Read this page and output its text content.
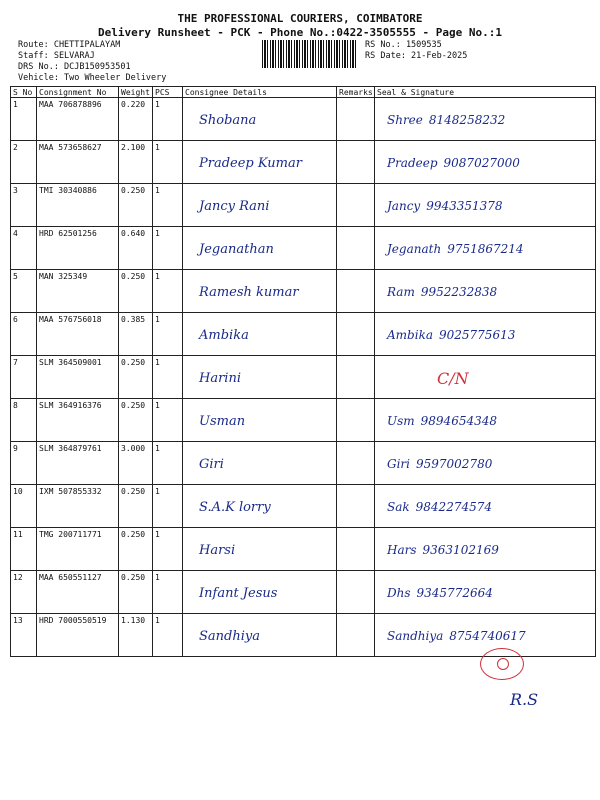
THE PROFESSIONAL COURIERS, COIMBATORE
Delivery Runsheet - PCK - Phone No.:0422-3505555 - Page No.:1
Route: CHETTIPALAYAM
Staff: SELVARAJ
DRS No.: DCJB150953501
Vehicle: Two Wheeler Delivery
RS No.: 1509535
RS Date: 21-Feb-2025
S No	Consignment No	Weight	PCS	Consignee Details	Remarks	Seal & Signature
1	MAA 706878896	0.220	1	Shobana		Shree 8148258232
2	MAA 573658627	2.100	1	Pradeep Kumar		Pradeep 9087027000
3	TMI 30340886	0.250	1	Jancy Rani		Jancy 9943351378
4	HRD 62501256	0.640	1	Jeganathan		Jeganath 9751867214
5	MAN 325349	0.250	1	Ramesh kumar		Ram 9952232838
6	MAA 576756018	0.385	1	Ambika		Ambika 9025775613
7	SLM 364509001	0.250	1	Harini		C/N
8	SLM 364916376	0.250	1	Usman		Usm 9894654348
9	SLM 364879761	3.000	1	Giri		Giri 9597002780
10	IXM 507855332	0.250	1	S.A.K lorry		Sak 9842274574
11	TMG 200711771	0.250	1	Harsi		Hars 9363102169
12	MAA 650551127	0.250	1	Infant Jesus		Dhs 9345772664
13	HRD 7000550519	1.130	1	Sandhiya		Sandhiya 8754740617
R.S
